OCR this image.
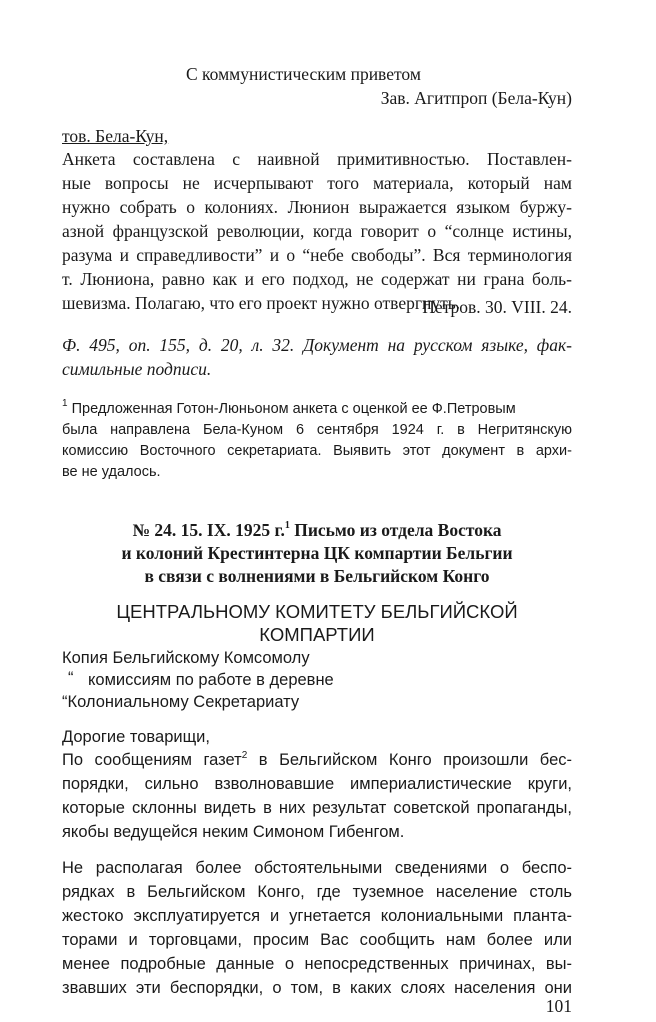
С коммунистическим приветом
Зав. Агитпроп (Бела-Кун)
тов. Бела-Кун,
Анкета составлена с наивной примитивностью. Поставлен-
ные вопросы не исчерпывают того материала, который нам
нужно собрать о колониях. Люнион выражается языком буржу-
азной французской революции, когда говорит о “солнце истины,
разума и справедливости” и о “небе свободы”. Вся терминология
т. Люниона, равно как и его подход, не содержат ни грана боль-
шевизма. Полагаю, что его проект нужно отвергнуть.
Петров. 30. VIII. 24.
Ф. 495, оп. 155, д. 20, л. 32. Документ на русском языке, фак-
симильные подписи.
$^1$ Предложенная Готон-Люньоном анкета с оценкой ее Ф.Петровым
была направлена Бела-Куном 6 сентября 1924 г. в Негритянскую
комиссию Восточного секретариата. Выявить этот документ в архи-
ве не удалось.
№ 24. 15. IX. 1925 г.$^1$ Письмо из отдела Востока
и колоний Крестинтерна ЦК компартии Бельгии
в связи с волнениями в Бельгийском Конго
ЦЕНТРАЛЬНОМУ КОМИТЕТУ БЕЛЬГИЙСКОЙ
КОМПАРТИИ
Копия Бельгийскому Комсомолу
“ комиссиям по работе в деревне
“Колониальному Секретариату
Дорогие товарищи,
По сообщениям газет$^2$ в Бельгийском Конго произошли бес-
порядки, сильно взволновавшие империалистические круги,
которые склонны видеть в них результат советской пропаганды,
якобы ведущейся неким Симоном Гибенгом.
Не располагая более обстоятельными сведениями о беспо-
рядках в Бельгийском Конго, где туземное население столь
жестоко эксплуатируется и угнетается колониальными планта-
торами и торговцами, просим Вас сообщить нам более или
менее подробные данные о непосредственных причинах, вы-
звавших эти беспорядки, о том, в каких слоях населения они
101
